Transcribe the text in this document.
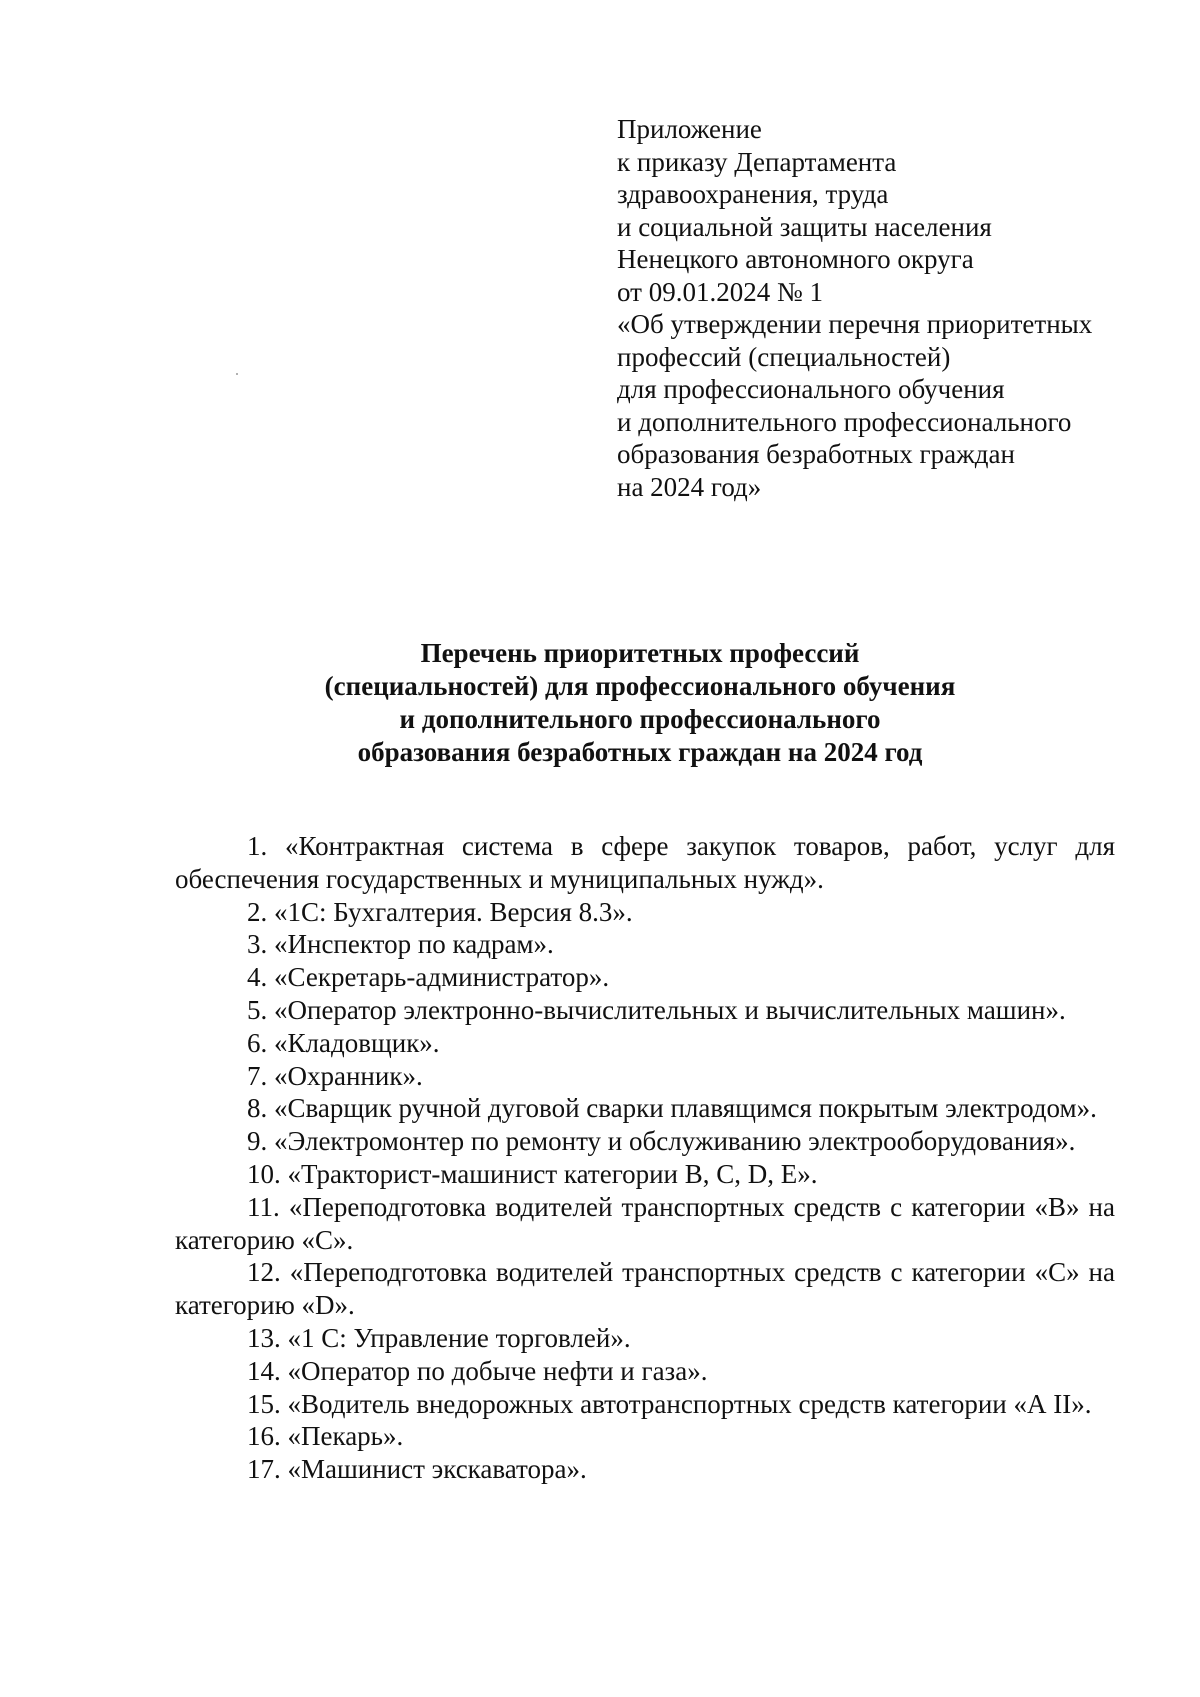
Приложение
к приказу Департамента
здравоохранения, труда
и социальной защиты населения
Ненецкого автономного округа
от 09.01.2024 № 1
«Об утверждении перечня приоритетных
профессий (специальностей)
для профессионального обучения
и дополнительного профессионального
образования безработных граждан
на 2024 год»
Перечень приоритетных профессий
(специальностей) для профессионального обучения
и дополнительного профессионального
образования безработных граждан на 2024 год

1. «Контрактная система в сфере закупок товаров, работ, услуг для обеспечения государственных и муниципальных нужд».

2. «1С: Бухгалтерия. Версия 8.3».

3. «Инспектор по кадрам».

4. «Секретарь-администратор».

5. «Оператор электронно-вычислительных и вычислительных машин».

6. «Кладовщик».

7. «Охранник».

8. «Сварщик ручной дуговой сварки плавящимся покрытым электродом».

9. «Электромонтер по ремонту и обслуживанию электрооборудования».

10. «Тракторист-машинист категории В, С, D, Е».

11. «Переподготовка водителей транспортных средств с категории «В» на категорию «С».

12. «Переподготовка водителей транспортных средств с категории «С» на категорию «D».

13. «1 С: Управление торговлей».

14. «Оператор по добыче нефти и газа».

15. «Водитель внедорожных автотранспортных средств категории «А II».

16. «Пекарь».

17. «Машинист экскаватора».
